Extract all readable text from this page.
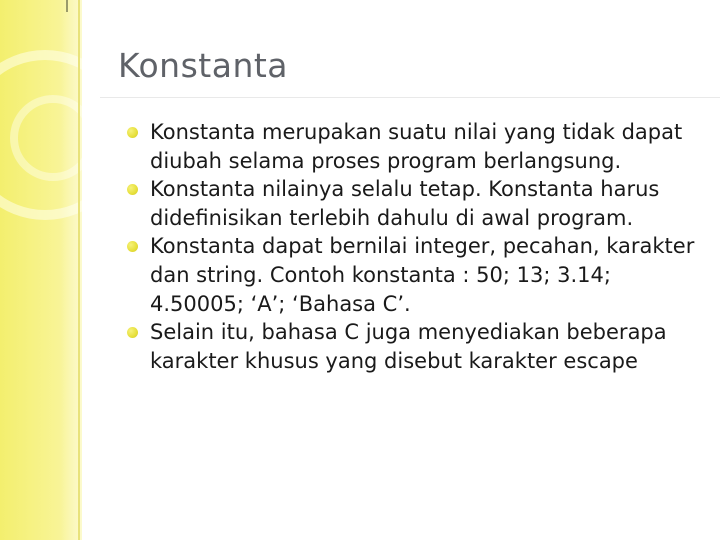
Konstanta
Konstanta merupakan suatu nilai yang tidak dapat diubah selama proses program berlangsung.
Konstanta nilainya selalu tetap. Konstanta harus didefinisikan terlebih dahulu di awal program.
Konstanta dapat bernilai integer, pecahan, karakter dan string. Contoh konstanta : 50; 13; 3.14; 4.50005; ‘A’; ‘Bahasa C’.
Selain itu, bahasa C juga menyediakan beberapa karakter khusus yang disebut karakter escape
